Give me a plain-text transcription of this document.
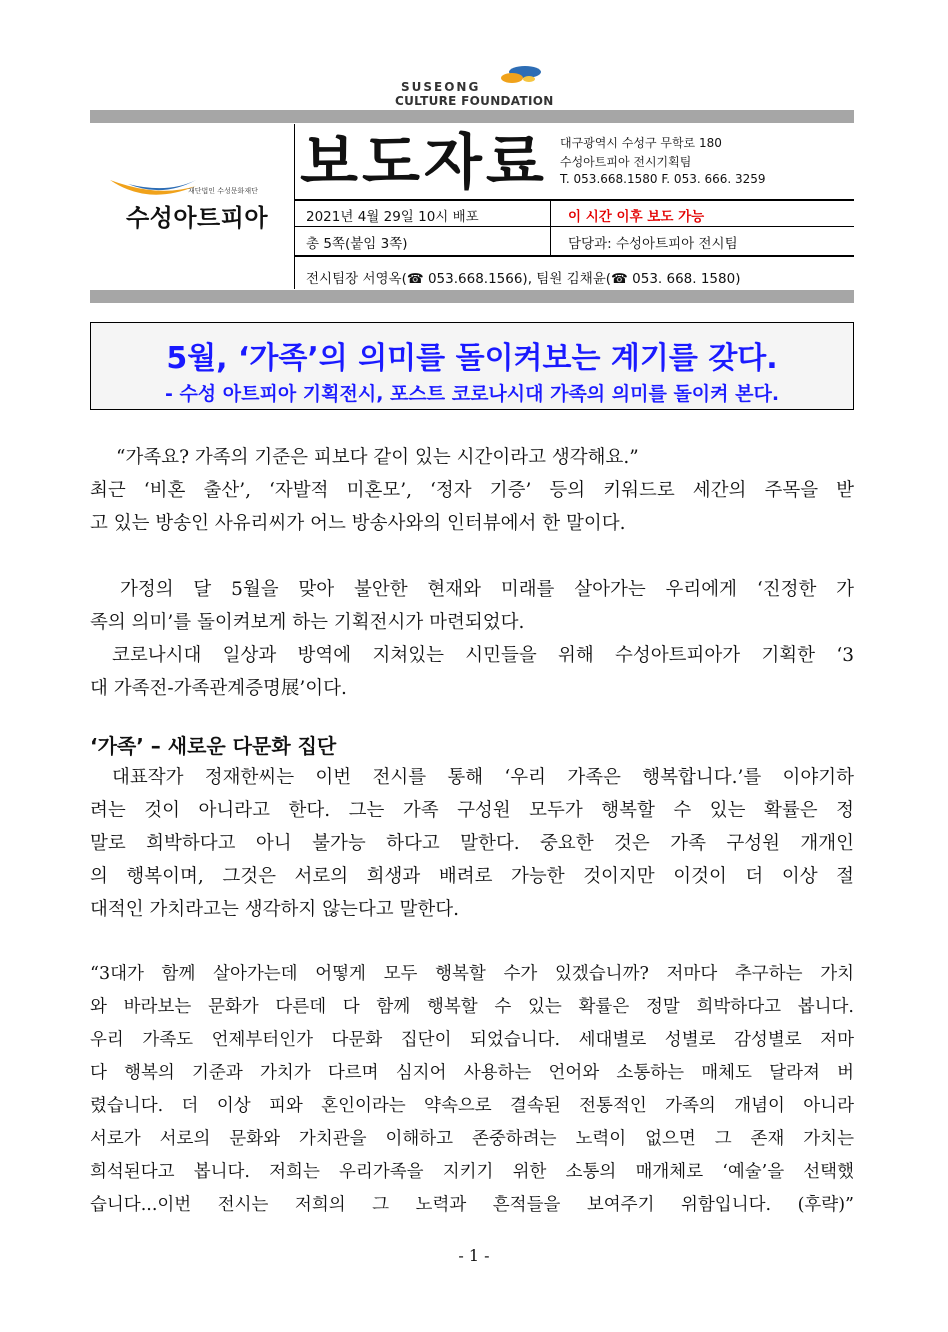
SUSEONG
CULTURE FOUNDATION
보도자료 대구광역시 수성구 무학로 180
수성아트피아 전시기획팀
T. 053.668.1580 F. 053. 666. 3259
재단법인 수성문화재단
수성아트피아	2021년 4월 29일 10시 배포	이 시간 이후 보도 가능
총 5쪽(붙임 3쪽)	담당과: 수성아트피아 전시팀
전시팀장 서영옥(☎ 053.668.1566), 팀원 김채윤(☎ 053. 668. 1580)
5월, ‘가족’의 의미를 돌이켜보는 계기를 갖다.
- 수성 아트피아 기획전시, 포스트 코로나시대 가족의 의미를 돌이켜 본다.
“가족요? 가족의 기준은 피보다 같이 있는 시간이라고 생각해요.”
최근 ‘비혼 출산’, ‘자발적 미혼모’, ‘정자 기증’ 등의 키워드로 세간의 주목을 받
고 있는 방송인 사유리씨가 어느 방송사와의 인터뷰에서 한 말이다.
가정의 달 5월을 맞아 불안한 현재와 미래를 살아가는 우리에게 ‘진정한 가
족의 의미’를 돌이켜보게 하는 기획전시가 마련되었다.
코로나시대 일상과 방역에 지쳐있는 시민들을 위해 수성아트피아가 기획한 ‘3
대 가족전-가족관계증명展’이다.
‘가족’ – 새로운 다문화 집단
대표작가 정재한씨는 이번 전시를 통해 ‘우리 가족은 행복합니다.’를 이야기하
려는 것이 아니라고 한다. 그는 가족 구성원 모두가 행복할 수 있는 확률은 정
말로 희박하다고 아니 불가능 하다고 말한다. 중요한 것은 가족 구성원 개개인
의 행복이며, 그것은 서로의 희생과 배려로 가능한 것이지만 이것이 더 이상 절
대적인 가치라고는 생각하지 않는다고 말한다.
“3대가 함께 살아가는데 어떻게 모두 행복할 수가 있겠습니까? 저마다 추구하는 가치
와 바라보는 문화가 다른데 다 함께 행복할 수 있는 확률은 정말 희박하다고 봅니다.
우리 가족도 언제부터인가 다문화 집단이 되었습니다. 세대별로 성별로 감성별로 저마
다 행복의 기준과 가치가 다르며 심지어 사용하는 언어와 소통하는 매체도 달라져 버
렸습니다. 더 이상 피와 혼인이라는 약속으로 결속된 전통적인 가족의 개념이 아니라
서로가 서로의 문화와 가치관을 이해하고 존중하려는 노력이 없으면 그 존재 가치는
희석된다고 봅니다. 저희는 우리가족을 지키기 위한 소통의 매개체로 ‘예술’을 선택했
습니다...이번 전시는 저희의 그 노력과 흔적들을 보여주기 위함입니다. (후략)”
- 1 -
